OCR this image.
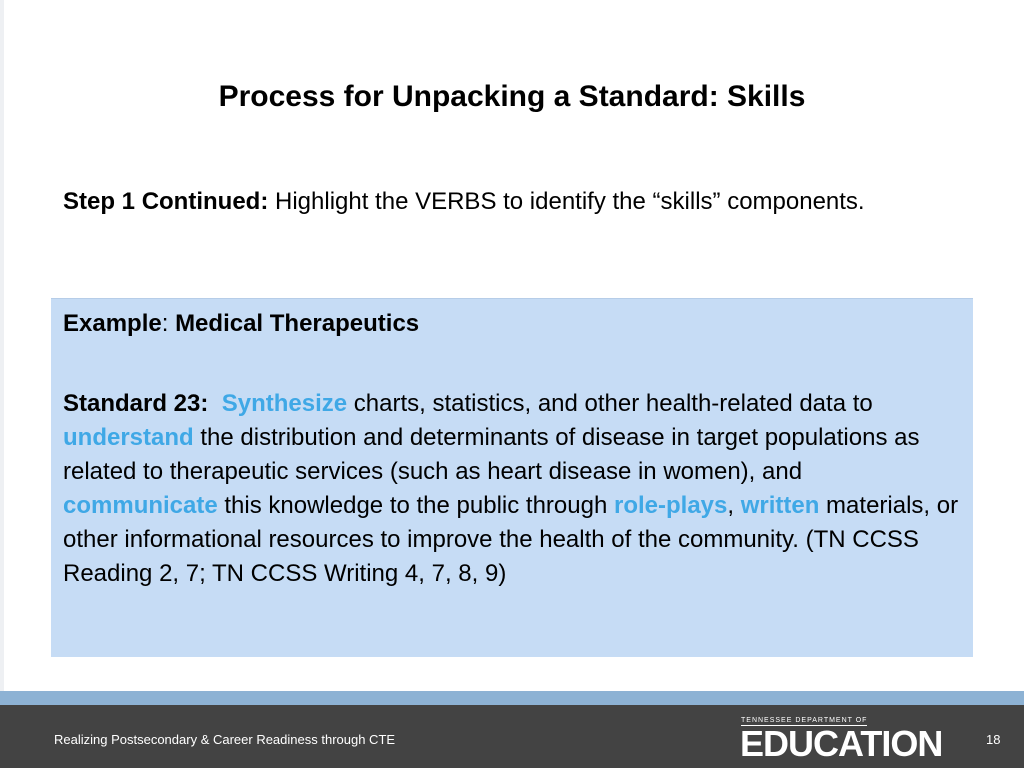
Process for Unpacking a Standard: Skills
Step 1 Continued: Highlight the VERBS to identify the “skills” components.
Example: Medical Therapeutics
Standard 23: Synthesize charts, statistics, and other health-related data to understand the distribution and determinants of disease in target populations as related to therapeutic services (such as heart disease in women), and communicate this knowledge to the public through role-plays, written materials, or other informational resources to improve the health of the community. (TN CCSS Reading 2, 7; TN CCSS Writing 4, 7, 8, 9)
Realizing Postsecondary & Career Readiness through CTE
TENNESSEE DEPARTMENT OF
EDUCATION	18
